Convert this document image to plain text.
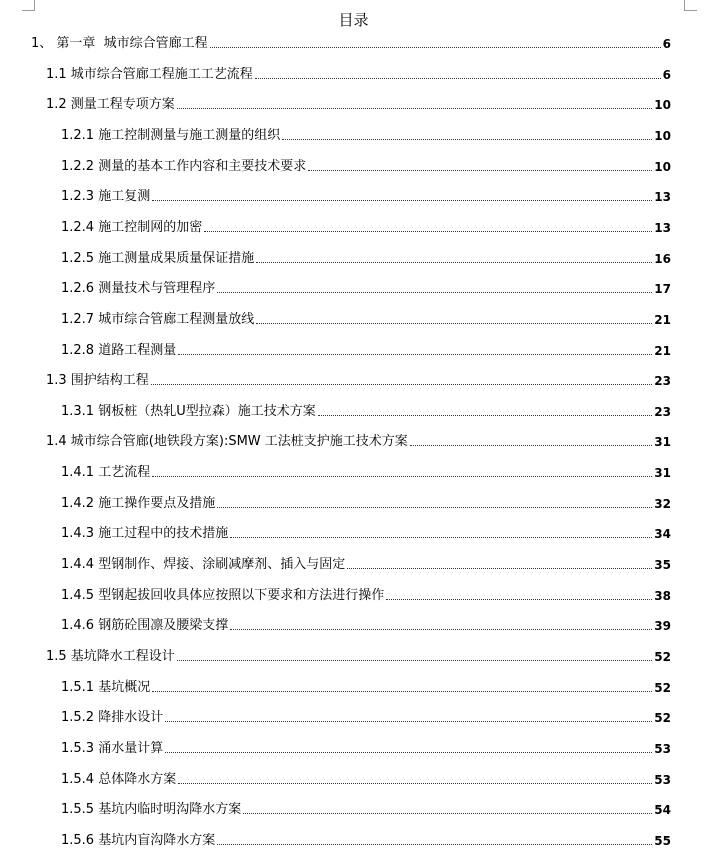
目录
1、 第一章  城市综合管廊工程	6
1.1 城市综合管廊工程施工工艺流程	6
1.2 测量工程专项方案	10
1.2.1 施工控制测量与施工测量的组织	10
1.2.2 测量的基本工作内容和主要技术要求	10
1.2.3 施工复测	13
1.2.4 施工控制网的加密	13
1.2.5 施工测量成果质量保证措施	16
1.2.6 测量技术与管理程序	17
1.2.7 城市综合管廊工程测量放线	21
1.2.8 道路工程测量	21
1.3 围护结构工程	23
1.3.1 钢板桩（热轧U型拉森）施工技术方案	23
1.4 城市综合管廊(地铁段方案):SMW 工法桩支护施工技术方案	31
1.4.1 工艺流程	31
1.4.2 施工操作要点及措施	32
1.4.3 施工过程中的技术措施	34
1.4.4 型钢制作、焊接、涂刷减摩剂、插入与固定	35
1.4.5 型钢起拔回收具体应按照以下要求和方法进行操作	38
1.4.6 钢筋砼围凛及腰梁支撑	39
1.5 基坑降水工程设计	52
1.5.1 基坑概况	52
1.5.2 降排水设计	52
1.5.3 涌水量计算	53
1.5.4 总体降水方案	53
1.5.5 基坑内临时明沟降水方案	54
1.5.6 基坑内盲沟降水方案	55
